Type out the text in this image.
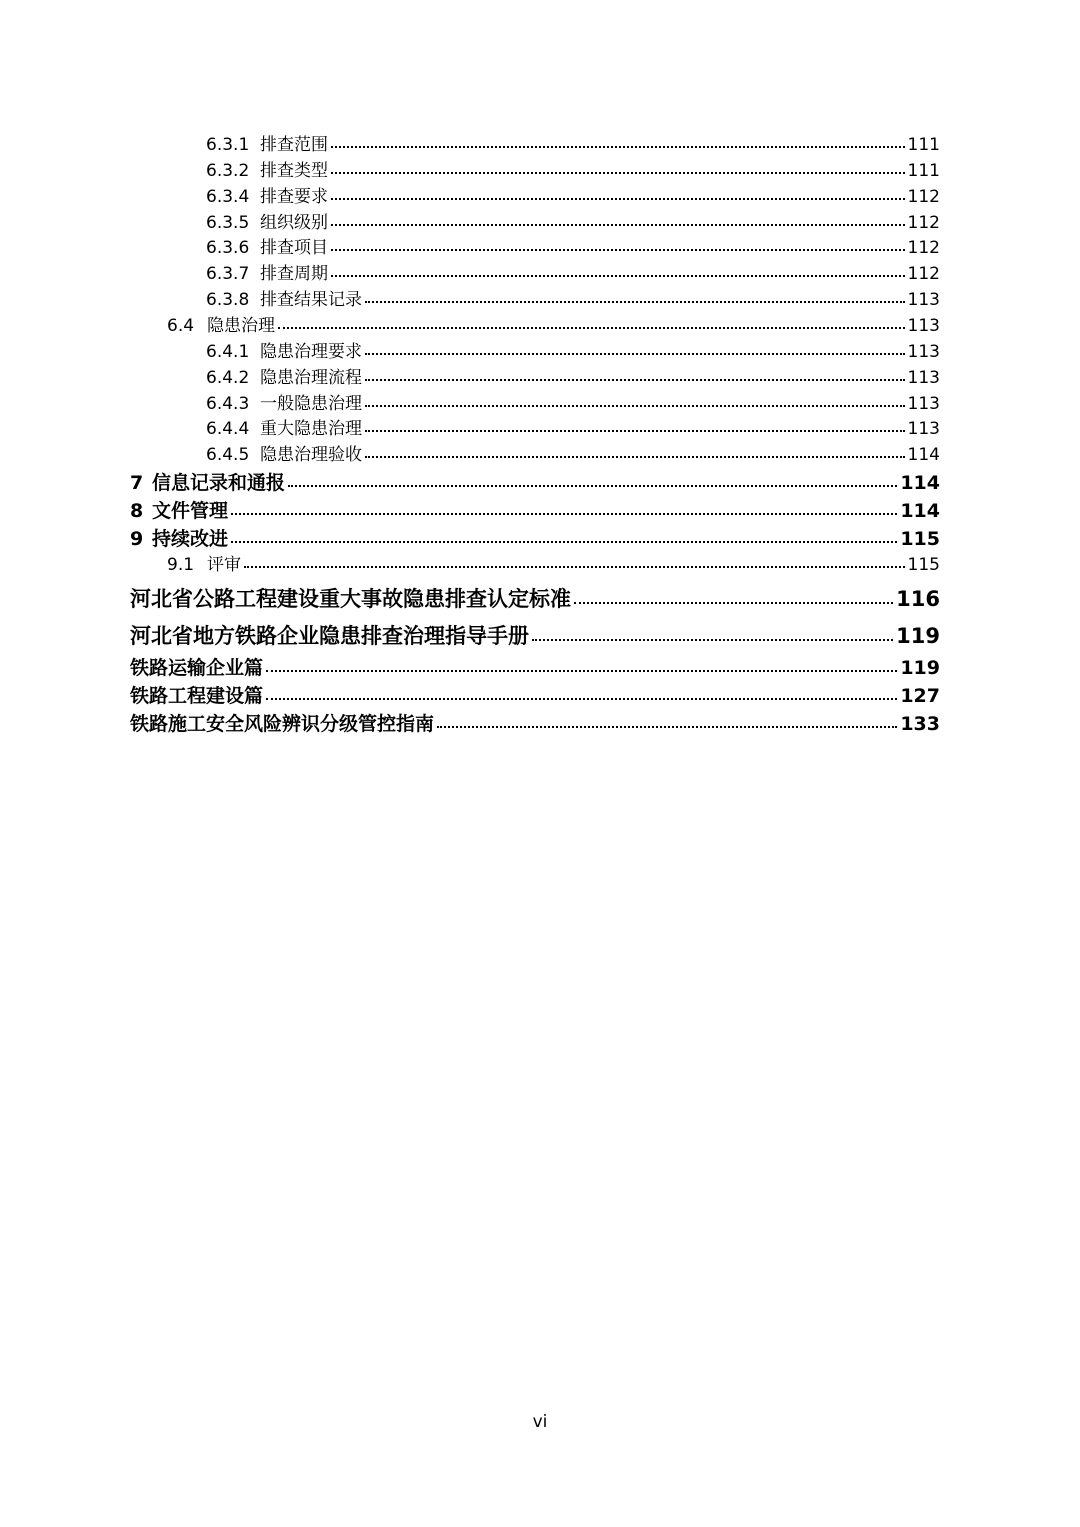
6.3.1 排查范围	111
6.3.2 排查类型	111
6.3.4 排查要求	112
6.3.5 组织级别	112
6.3.6 排查项目	112
6.3.7 排查周期	112
6.3.8 排查结果记录	113
6.4 隐患治理	113
6.4.1 隐患治理要求	113
6.4.2 隐患治理流程	113
6.4.3 一般隐患治理	113
6.4.4 重大隐患治理	113
6.4.5 隐患治理验收	114
7 信息记录和通报	114
8 文件管理	114
9 持续改进	115
9.1 评审	115
河北省公路工程建设重大事故隐患排查认定标准	116
河北省地方铁路企业隐患排查治理指导手册	119
铁路运输企业篇	119
铁路工程建设篇	127
铁路施工安全风险辨识分级管控指南	133
vi
